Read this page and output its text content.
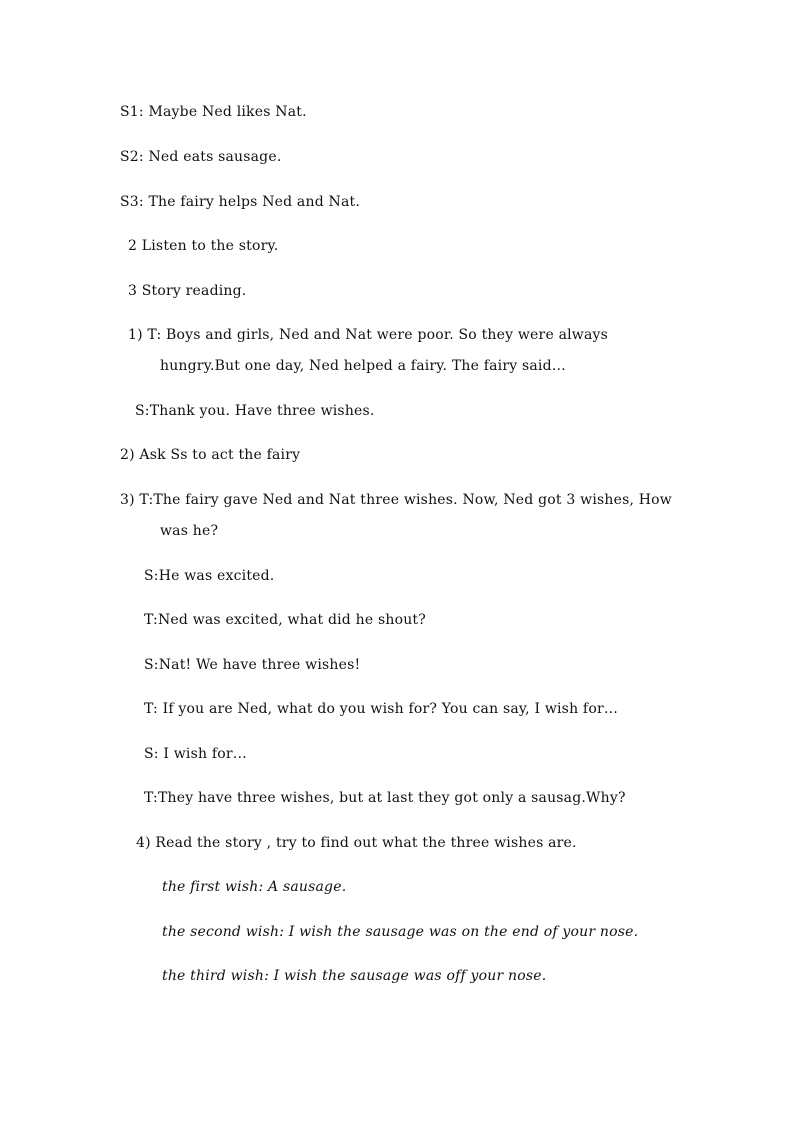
S1: Maybe Ned likes Nat.
S2: Ned eats sausage.
S3: The fairy helps Ned and Nat.
2 Listen to the story.
3 Story reading.
1) T: Boys and girls, Ned and Nat were poor. So they were always
hungry.But one day, Ned helped a fairy. The fairy said…
S:Thank you. Have three wishes.
2) Ask Ss to act the fairy
3) T:The fairy gave Ned and Nat three wishes. Now, Ned got 3 wishes, How
was he?
S:He was excited.
T:Ned was excited, what did he shout?
S:Nat! We have three wishes!
T: If you are Ned, what do you wish for? You can say, I wish for…
S: I wish for…
T:They have three wishes, but at last they got only a sausag.Why?
4) Read the story , try to find out what the three wishes are.
the first wish: A sausage.
the second wish: I wish the sausage was on the end of your nose.
the third wish: I wish the sausage was off your nose.
